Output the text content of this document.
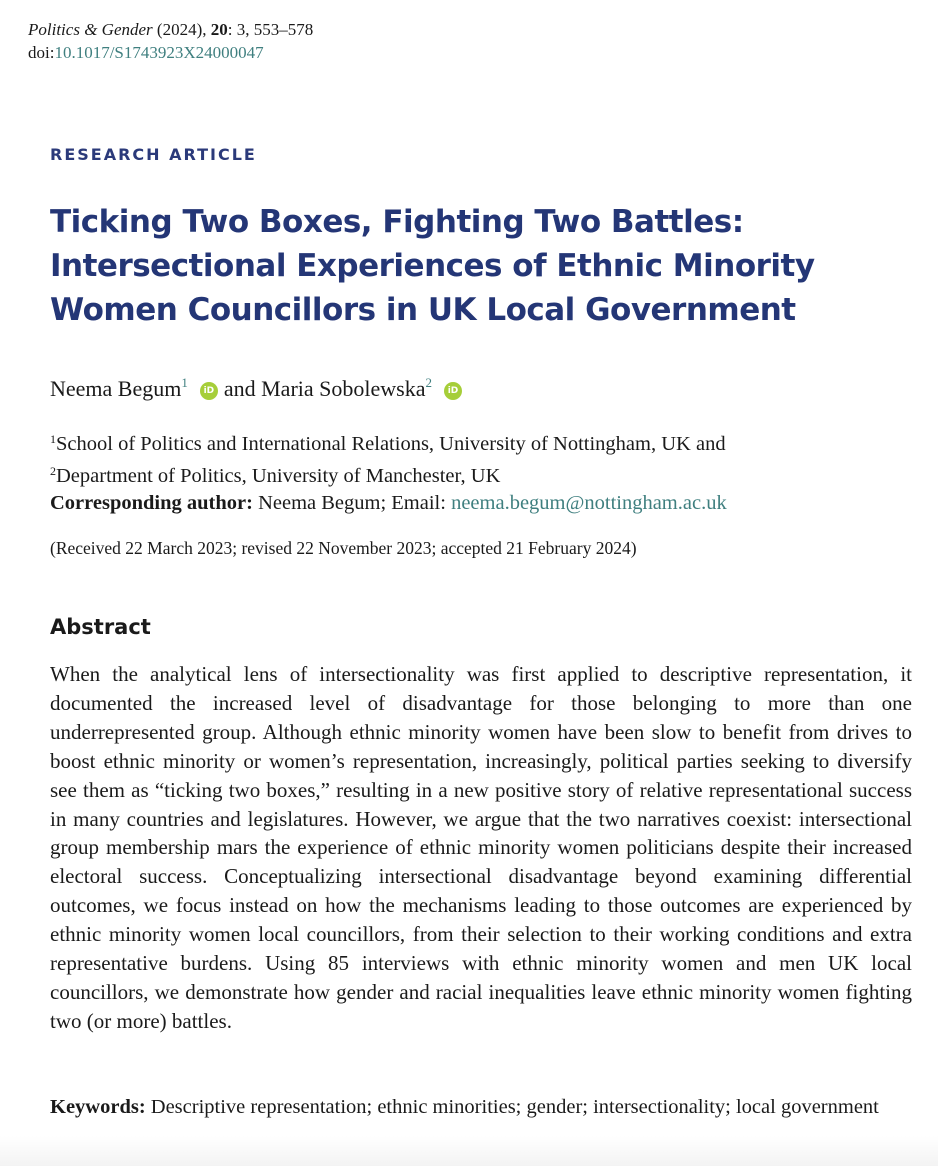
Politics & Gender (2024), 20: 3, 553–578
doi:10.1017/S1743923X24000047
RESEARCH ARTICLE
Ticking Two Boxes, Fighting Two Battles:
Intersectional Experiences of Ethnic Minority
Women Councillors in UK Local Government
Neema Begum$^1$iD and Maria Sobolewska$^2$iD
$^1$School of Politics and International Relations, University of Nottingham, UK and
$^2$Department of Politics, University of Manchester, UK
Corresponding author: Neema Begum; Email: neema.begum@nottingham.ac.uk
(Received 22 March 2023; revised 22 November 2023; accepted 21 February 2024)
Abstract
When the analytical lens of intersectionality was first applied to descriptive representation, it documented the increased level of disadvantage for those belonging to more than one underrepresented group. Although ethnic minority women have been slow to benefit from drives to boost ethnic minority or women’s representation, increasingly, political parties seeking to diversify see them as “ticking two boxes,” resulting in a new positive story of relative representational success in many countries and legislatures. However, we argue that the two narratives coexist: intersectional group membership mars the experience of ethnic minority women politicians despite their increased electoral success. Conceptualizing intersectional disadvantage beyond examining differential outcomes, we focus instead on how the mechanisms leading to those outcomes are experienced by ethnic minority women local councillors, from their selection to their working conditions and extra representative burdens. Using 85 interviews with ethnic minority women and men UK local councillors, we demonstrate how gender and racial inequalities leave ethnic minority women fighting two (or more) battles.
Keywords: Descriptive representation; ethnic minorities; gender; intersectionality; local government
